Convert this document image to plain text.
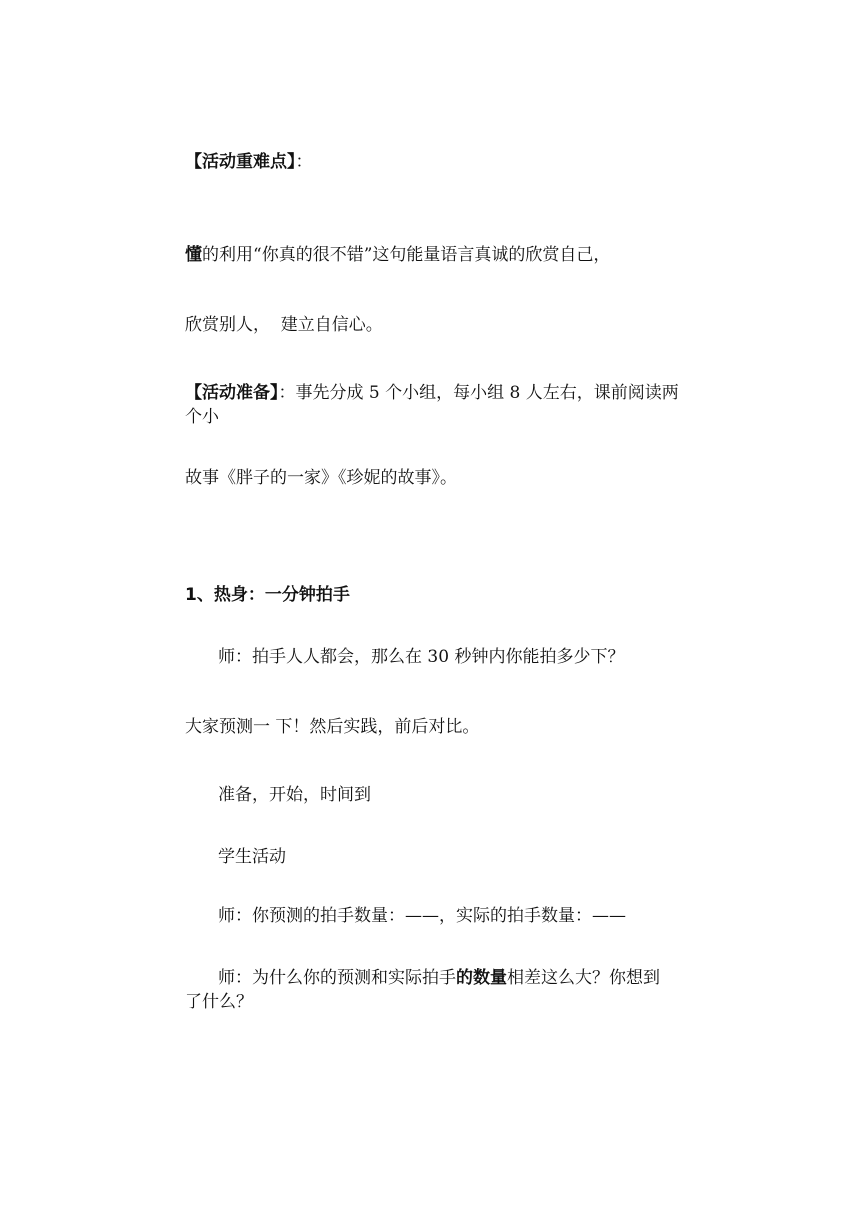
【活动重难点】：

懂的利用“你真的很不错”这句能量语言真诚的欣赏自己，

欣赏别人，  建立自信心。

【活动准备】：事先分成 5 个小组，每小组 8 人左右，课前阅读两个小

故事《胖子的一家》《珍妮的故事》。

1、热身：一分钟拍手

师：拍手人人都会，那么在 30 秒钟内你能拍多少下？

大家预测一 下！然后实践，前后对比。

准备，开始，时间到

学生活动

师：你预测的拍手数量：——，实际的拍手数量：——

师：为什么你的预测和实际拍手的数量相差这么大？你想到了什么？
